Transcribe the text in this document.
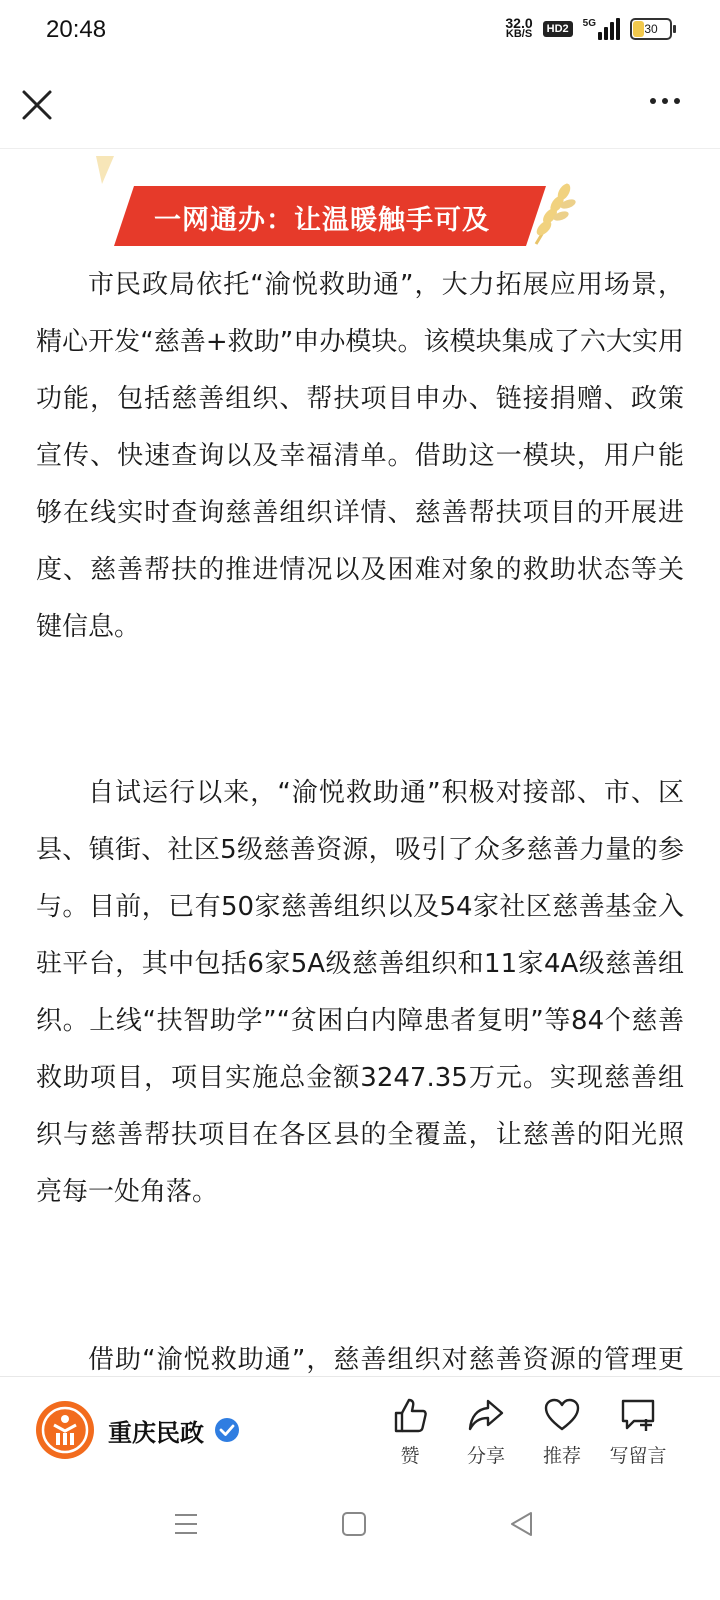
20:48	32.0
KB/S	HD2	5G	30
一网通办：让温暖触手可及

市民政局依托“渝悦救助通”，大力拓展应用场景，精心开发“慈善+救助”申办模块。该模块集成了六大实用功能，包括慈善组织、帮扶项目申办、链接捐赠、政策宣传、快速查询以及幸福清单。借助这一模块，用户能够在线实时查询慈善组织详情、慈善帮扶项目的开展进度、慈善帮扶的推进情况以及困难对象的救助状态等关键信息。

自试运行以来，“渝悦救助通”积极对接部、市、区县、镇街、社区5级慈善资源，吸引了众多慈善力量的参与。目前，已有50家慈善组织以及54家社区慈善基金入驻平台，其中包括6家5A级慈善组织和11家4A级慈善组织。上线“扶智助学”“贫困白内障患者复明”等84个慈善救助项目，项目实施总金额3247.35万元。实现慈善组织与慈善帮扶项目在各区县的全覆盖，让慈善的阳光照亮每一处角落。

借助“渝悦救助通”，慈善组织对慈善资源的管理更

重庆民政
赞	分享	推荐	写留言
